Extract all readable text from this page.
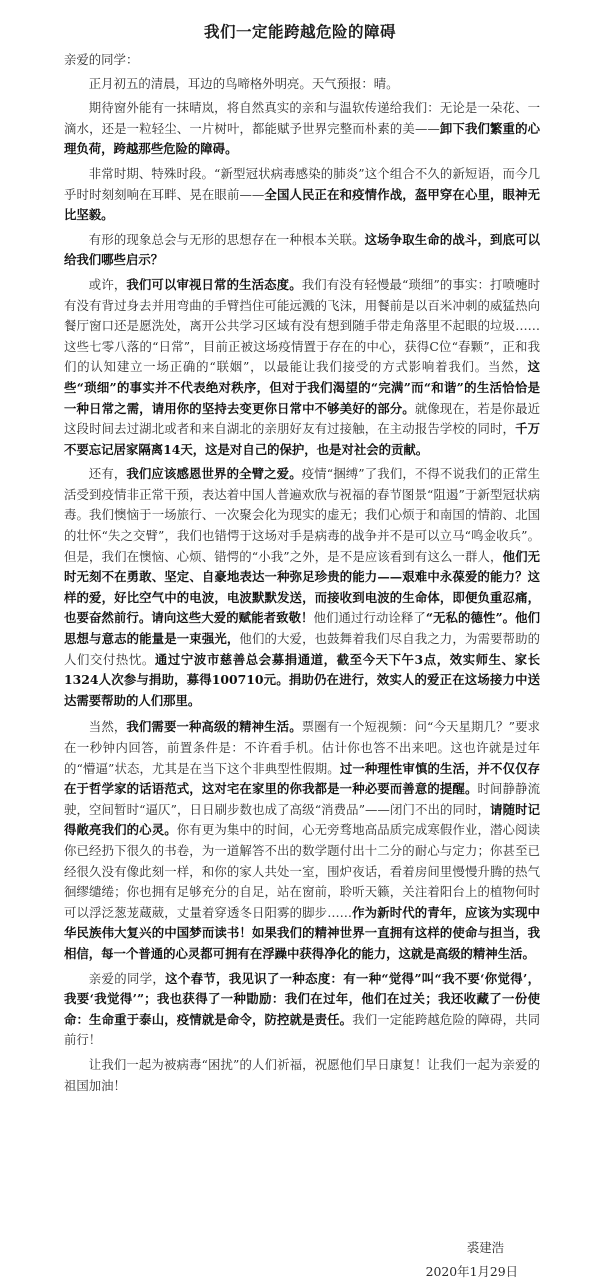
我们一定能跨越危险的障碍

亲爱的同学：

正月初五的清晨，耳边的鸟啼格外明亮。天气预报：晴。

期待窗外能有一抹晴岚，将自然真实的亲和与温软传递给我们：无论是一朵花、一滴水，还是一粒轻尘、一片树叶，都能赋予世界完整而朴素的美——卸下我们繁重的心理负荷，跨越那些危险的障碍。

非常时期、特殊时段。“新型冠状病毒感染的肺炎”这个组合不久的新短语，而今几乎时时刻刻响在耳畔、晃在眼前——全国人民正在和疫情作战，盔甲穿在心里，眼神无比坚毅。

有形的现象总会与无形的思想存在一种根本关联。这场争取生命的战斗，到底可以给我们哪些启示？

或许，我们可以审视日常的生活态度。我们有没有轻慢最“琐细”的事实：打喷嚏时有没有背过身去并用弯曲的手臂挡住可能远溅的飞沫，用餐前是以百米冲刺的威猛热向餐厅窗口还是愿洗处，离开公共学习区域有没有想到随手带走角落里不起眼的垃圾……这些七零八落的“日常”，目前正被这场疫情置于存在的中心，获得C位“春颗”，正和我们的认知建立一场正确的“联姻”，以最能让我们接受的方式影响着我们。当然，这些“琐细”的事实并不代表绝对秩序，但对于我们渴望的“完满”而“和谐”的生活恰恰是一种日常之需，请用你的坚持去变更你日常中不够美好的部分。就像现在，若是你最近这段时间去过湖北或者和来自湖北的亲朋好友有过接触，在主动报告学校的同时，千万不要忘记居家隔离14天，这是对自己的保护，也是对社会的贡献。

还有，我们应该感恩世界的全臂之爱。疫情“捆缚”了我们，不得不说我们的正常生活受到疫情非正常干预，表达着中国人普遍欢欣与祝福的春节图景“阻遏”于新型冠状病毒。我们懊恼于一场旅行、一次聚会化为现实的虚无；我们心烦于和南国的情韵、北国的壮怀“失之交臂”，我们也错愕于这场对手是病毒的战争并不是可以立马“鸣金收兵”。但是，我们在懊恼、心烦、错愕的“小我”之外，是不是应该看到有这么一群人，他们无时无刻不在勇敢、坚定、自豪地表达一种弥足珍贵的能力——艰难中永葆爱的能力？这样的爱，好比空气中的电波，电波默默发送，而接收到电波的生命体，即便负重忍痛，也要奋然前行。请向这些大爱的赋能者致敬！他们通过行动诠释了“无私的德性”。他们思想与意志的能量是一束强光，他们的大爱，也鼓舞着我们尽自我之力，为需要帮助的人们交付热忱。通过宁波市慈善总会募捐通道，截至今天下午3点，效实师生、家长1324人次参与捐助，募得100710元。捐助仍在进行，效实人的爱正在这场接力中送达需要帮助的人们那里。

当然，我们需要一种高级的精神生活。票圈有一个短视频：问“今天星期几？”要求在一秒钟内回答，前置条件是：不许看手机。估计你也答不出来吧。这也许就是过年的“懵逼”状态，尤其是在当下这个非典型性假期。过一种理性审慎的生活，并不仅仅存在于哲学家的话语范式，这对宅在家里的你我都是一种必要而善意的提醒。时间静静流驶，空间暂时“逼仄”，日日刷步数也成了高级“消费品”——闭门不出的同时，请随时记得敞亮我们的心灵。你有更为集中的时间，心无旁骛地高品质完成寒假作业，潜心阅读你已经扔下很久的书卷，为一道解答不出的数学题付出十二分的耐心与定力；你甚至已经很久没有像此刻一样，和你的家人共处一室，围炉夜话，看着房间里慢慢升腾的热气徊缪缱绻；你也拥有足够充分的自足，站在窗前，聆听天籁，关注着阳台上的植物何时可以浮泛葱茏蔵葳，丈量着穿透冬日阳雾的脚步……作为新时代的青年，应该为实现中华民族伟大复兴的中国梦而读书！如果我们的精神世界一直拥有这样的使命与担当，我相信，每一个普通的心灵都可拥有在浮躁中获得净化的能力，这就是高级的精神生活。

亲爱的同学，这个春节，我见识了一种态度：有一种“觉得”叫“我不要‘你觉得’，我要‘我觉得’”；我也获得了一种勖励：我们在过年，他们在过关；我还收藏了一份使命：生命重于泰山，疫情就是命令，防控就是责任。我们一定能跨越危险的障碍，共同前行！

让我们一起为被病毒“困扰”的人们祈福，祝愿他们早日康复！让我们一起为亲爱的祖国加油！

裘建浩
2020年1月29日
